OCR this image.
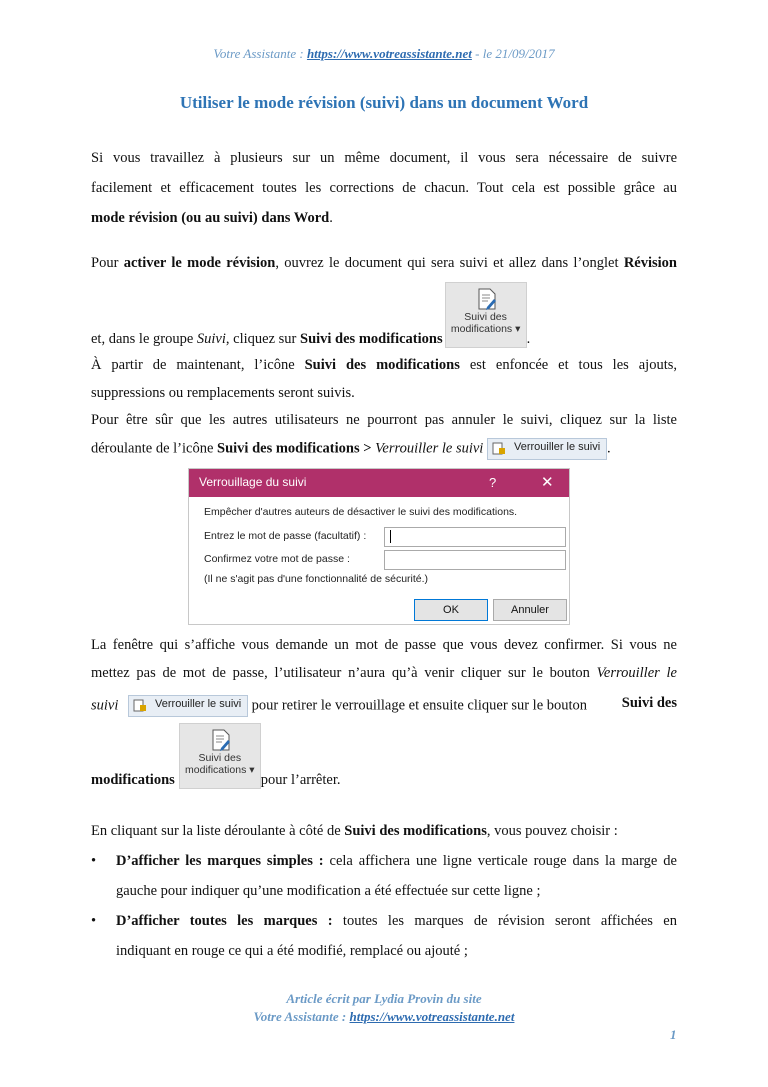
Votre Assistante : https://www.votreassistante.net - le 21/09/2017
Utiliser le mode révision (suivi) dans un document Word
Si vous travaillez à plusieurs sur un même document, il vous sera nécessaire de suivre
facilement et efficacement toutes les corrections de chacun. Tout cela est possible grâce au
mode révision (ou au suivi) dans Word.
Pour activer le mode révision, ouvrez le document qui sera suivi et allez dans l’onglet Révision
et, dans le groupe Suivi, cliquez sur Suivi des modifications
Suivi des
modifications ▾
.
À partir de maintenant, l’icône Suivi des modifications est enfoncée et tous les ajouts,
suppressions ou remplacements seront suivis.
Pour être sûr que les autres utilisateurs ne pourront pas annuler le suivi, cliquez sur la liste
déroulante de l’icône Suivi des modifications > Verrouiller le suivi	Verrouiller le suivi .
Verrouillage du suivi	?	✕
Empêcher d'autres auteurs de désactiver le suivi des modifications.
Entrez le mot de passe (facultatif) :
Confirmez votre mot de passe :
(Il ne s'agit pas d'une fonctionnalité de sécurité.)
OK	Annuler
La fenêtre qui s’affiche vous demande un mot de passe que vous devez confirmer. Si vous ne
mettez pas de mot de passe, l’utilisateur n’aura qu’à venir cliquer sur le bouton Verrouiller le
suivi	Verrouiller le suivi pour retirer le verrouillage et ensuite cliquer sur le bouton Suivi des
modifications
Suivi des
modifications ▾
pour l’arrêter.
En cliquant sur la liste déroulante à côté de Suivi des modifications, vous pouvez choisir :
• D’afficher les marques simples : cela affichera une ligne verticale rouge dans la marge de
gauche pour indiquer qu’une modification a été effectuée sur cette ligne ;
• D’afficher toutes les marques : toutes les marques de révision seront affichées en
indiquant en rouge ce qui a été modifié, remplacé ou ajouté ;
Article écrit par Lydia Provin du site
Votre Assistante : https://www.votreassistante.net
1
